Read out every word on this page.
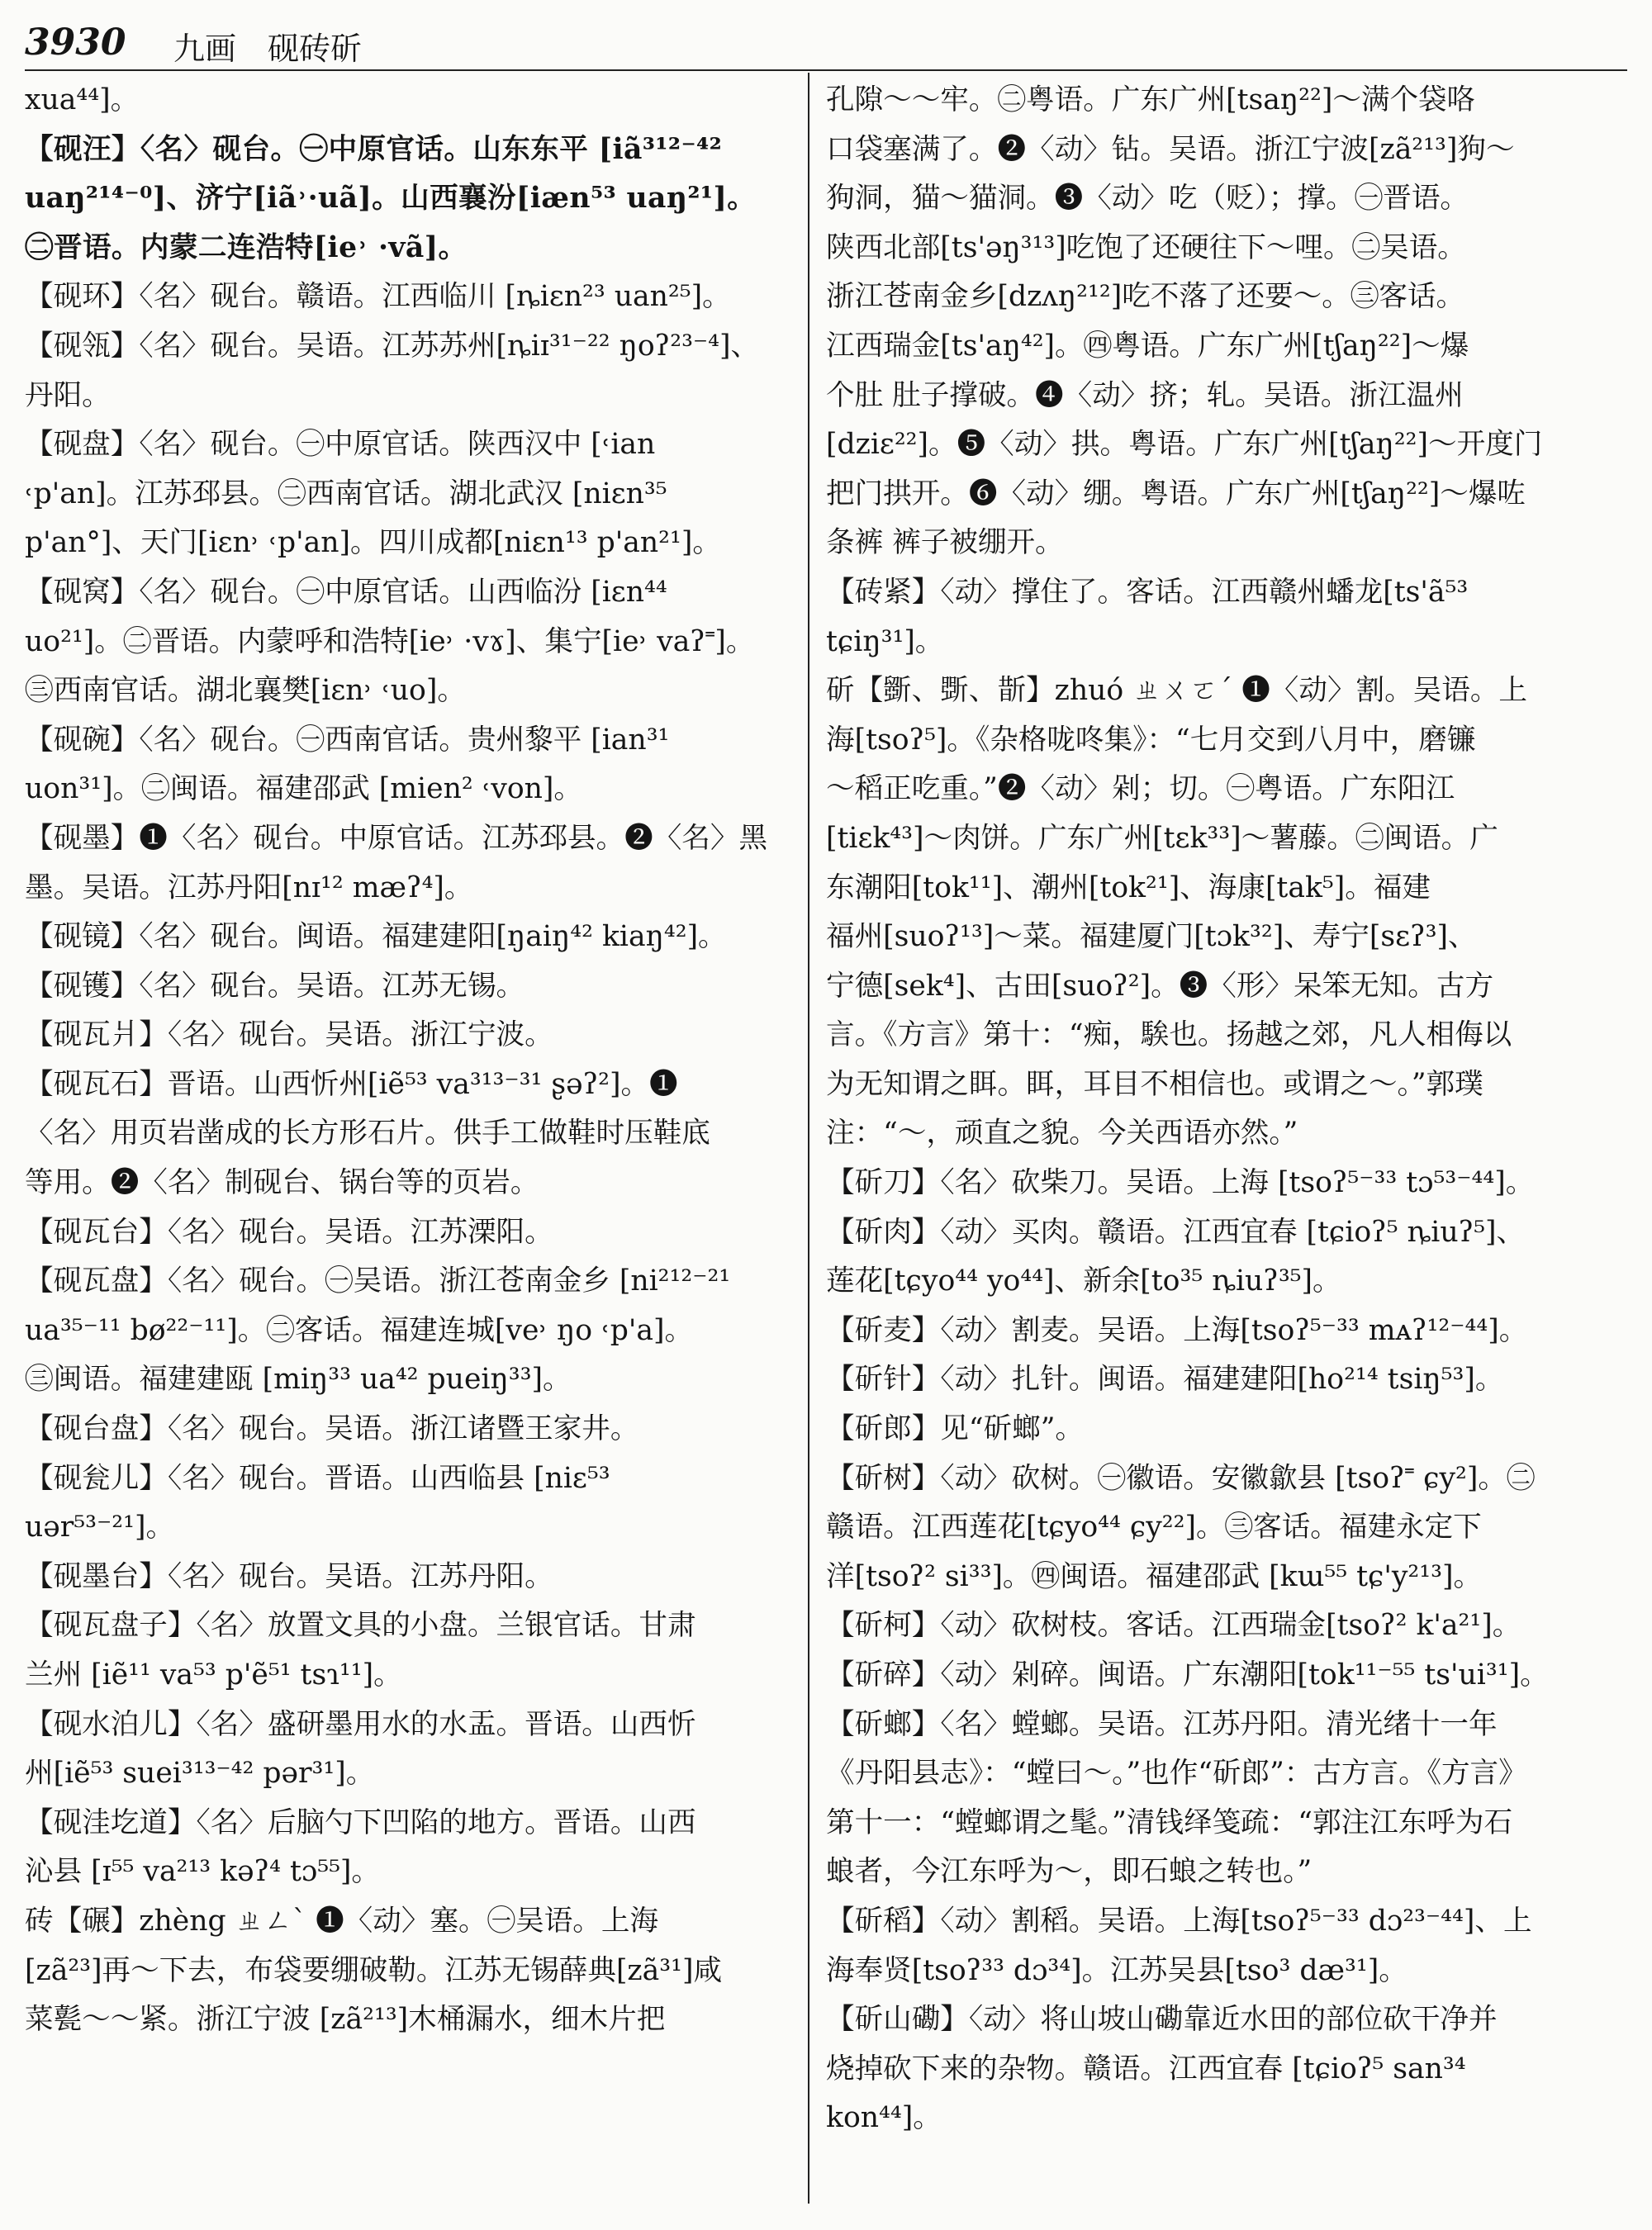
3930 九画　砚砖斫
xua⁴⁴]。
【砚汪】〈名〉砚台。㊀中原官话。山东东平 [iã³¹²⁻⁴²
uaŋ²¹⁴⁻⁰]、济宁[iã˒·uã]。山西襄汾[iæn⁵³ uaŋ²¹]。
㊁晋语。内蒙二连浩特[ie˒ ·vã]。
【砚环】〈名〉砚台。赣语。江西临川 [ȵiɛn²³ uan²⁵]。
【砚瓴】〈名〉砚台。吴语。江苏苏州[ȵiɪ³¹⁻²² ŋoʔ²³⁻⁴]、
丹阳。
【砚盘】〈名〉砚台。㊀中原官话。陕西汉中 [˓ian
˓p'an]。江苏邳县。㊁西南官话。湖北武汉 [niɛn³⁵
p'an°]、天门[iɛn˒ ˓p'an]。四川成都[niɛn¹³ p'an²¹]。
【砚窝】〈名〉砚台。㊀中原官话。山西临汾 [iɛn⁴⁴
uo²¹]。㊁晋语。内蒙呼和浩特[ie˒ ·vɤ]、集宁[ie˒ vaʔ˭]。
㊂西南官话。湖北襄樊[iɛn˒ ˓uo]。
【砚碗】〈名〉砚台。㊀西南官话。贵州黎平 [ian³¹
uon³¹]。㊁闽语。福建邵武 [mien² ˓von]。
【砚墨】❶〈名〉砚台。中原官话。江苏邳县。❷〈名〉黑
墨。吴语。江苏丹阳[nɪ¹² mæʔ⁴]。
【砚镜】〈名〉砚台。闽语。福建建阳[ŋaiŋ⁴² kiaŋ⁴²]。
【砚镬】〈名〉砚台。吴语。江苏无锡。
【砚瓦爿】〈名〉砚台。吴语。浙江宁波。
【砚瓦石】晋语。山西忻州[iẽ⁵³ va³¹³⁻³¹ ʂəʔ²]。❶
〈名〉用页岩凿成的长方形石片。供手工做鞋时压鞋底
等用。❷〈名〉制砚台、锅台等的页岩。
【砚瓦台】〈名〉砚台。吴语。江苏溧阳。
【砚瓦盘】〈名〉砚台。㊀吴语。浙江苍南金乡 [ni²¹²⁻²¹
ua³⁵⁻¹¹ bø²²⁻¹¹]。㊁客话。福建连城[ve˒ ŋo ˓p'a]。
㊂闽语。福建建瓯 [miŋ³³ ua⁴² pueiŋ³³]。
【砚台盘】〈名〉砚台。吴语。浙江诸暨王家井。
【砚瓮儿】〈名〉砚台。晋语。山西临县 [niɛ⁵³
uər⁵³⁻²¹]。
【砚墨台】〈名〉砚台。吴语。江苏丹阳。
【砚瓦盘子】〈名〉放置文具的小盘。兰银官话。甘肃
兰州 [iẽ¹¹ va⁵³ p'ẽ⁵¹ tsɿ¹¹]。
【砚水泊儿】〈名〉盛研墨用水的水盂。晋语。山西忻
州[iẽ⁵³ suei³¹³⁻⁴² pər³¹]。
【砚洼圪道】〈名〉后脑勺下凹陷的地方。晋语。山西
沁县 [ɪ⁵⁵ va²¹³ kəʔ⁴ tɔ⁵⁵]。
砖【碾】zhèng ㄓㄥˋ ❶〈动〉塞。㊀吴语。上海
[zã²³]再～下去，布袋要绷破勒。江苏无锡薛典[zã³¹]咸
菜甏～～紧。浙江宁波 [zã²¹³]木桶漏水，细木片把
孔隙～～牢。㊁粤语。广东广州[tsaŋ²²]～满个袋咯
口袋塞满了。❷〈动〉钻。吴语。浙江宁波[zã²¹³]狗～
狗洞，猫～猫洞。❸〈动〉吃（贬）；撑。㊀晋语。
陕西北部[ts'əŋ³¹³]吃饱了还硬往下～哩。㊁吴语。
浙江苍南金乡[dzʌŋ²¹²]吃不落了还要～。㊂客话。
江西瑞金[ts'aŋ⁴²]。㊃粤语。广东广州[tʃaŋ²²]～爆
个肚 肚子撑破。❹〈动〉挤；轧。吴语。浙江温州
[dziɛ²²]。❺〈动〉拱。粤语。广东广州[tʃaŋ²²]～开度门
把门拱开。❻〈动〉绷。粤语。广东广州[tʃaŋ²²]～爆咗
条裤 裤子被绷开。
【砖紧】〈动〉撑住了。客话。江西赣州蟠龙[ts'ã⁵³
tɕiŋ³¹]。
斫【斵、斲、斮】zhuó ㄓㄨㄛˊ ❶〈动〉割。吴语。上
海[tsoʔ⁵]。《杂格咙咚集》：“七月交到八月中，磨镰
～稻正吃重。”❷〈动〉剁；切。㊀粤语。广东阳江
[tiɛk⁴³]～肉饼。广东广州[tɛk³³]～薯藤。㊁闽语。广
东潮阳[tok¹¹]、潮州[tok²¹]、海康[tak⁵]。福建
福州[suoʔ¹³]～菜。福建厦门[tɔk³²]、寿宁[sɛʔ³]、
宁德[sek⁴]、古田[suoʔ²]。❸〈形〉呆笨无知。古方
言。《方言》第十：“痴，騃也。扬越之郊，凡人相侮以
为无知谓之眲。眲，耳目不相信也。或谓之～。”郭璞
注：“～，顽直之貌。今关西语亦然。”
【斫刀】〈名〉砍柴刀。吴语。上海 [tsoʔ⁵⁻³³ tɔ⁵³⁻⁴⁴]。
【斫肉】〈动〉买肉。赣语。江西宜春 [tɕioʔ⁵ ȵiuʔ⁵]、
莲花[tɕyo⁴⁴ yo⁴⁴]、新余[to³⁵ ȵiuʔ³⁵]。
【斫麦】〈动〉割麦。吴语。上海[tsoʔ⁵⁻³³ mᴀʔ¹²⁻⁴⁴]。
【斫针】〈动〉扎针。闽语。福建建阳[ho²¹⁴ tsiŋ⁵³]。
【斫郎】见“斫螂”。
【斫树】〈动〉砍树。㊀徽语。安徽歙县 [tsoʔ˭ ɕy²]。㊁
赣语。江西莲花[tɕyo⁴⁴ ɕy²²]。㊂客话。福建永定下
洋[tsoʔ² si³³]。㊃闽语。福建邵武 [kɯ⁵⁵ tɕ'y²¹³]。
【斫柯】〈动〉砍树枝。客话。江西瑞金[tsoʔ² k'a²¹]。
【斫碎】〈动〉剁碎。闽语。广东潮阳[tok¹¹⁻⁵⁵ ts'ui³¹]。
【斫螂】〈名〉螳螂。吴语。江苏丹阳。清光绪十一年
《丹阳县志》：“螳曰～。”也作“斫郎”：古方言。《方言》
第十一：“螳螂谓之髦。”清钱绎笺疏：“郭注江东呼为石
蜋者，今江东呼为～，即石蜋之转也。”
【斫稻】〈动〉割稻。吴语。上海[tsoʔ⁵⁻³³ dɔ²³⁻⁴⁴]、上
海奉贤[tsoʔ³³ dɔ³⁴]。江苏吴县[tso³ dæ³¹]。
【斫山磡】〈动〉将山坡山磡靠近水田的部位砍干净并
烧掉砍下来的杂物。赣语。江西宜春 [tɕioʔ⁵ san³⁴
kon⁴⁴]。
